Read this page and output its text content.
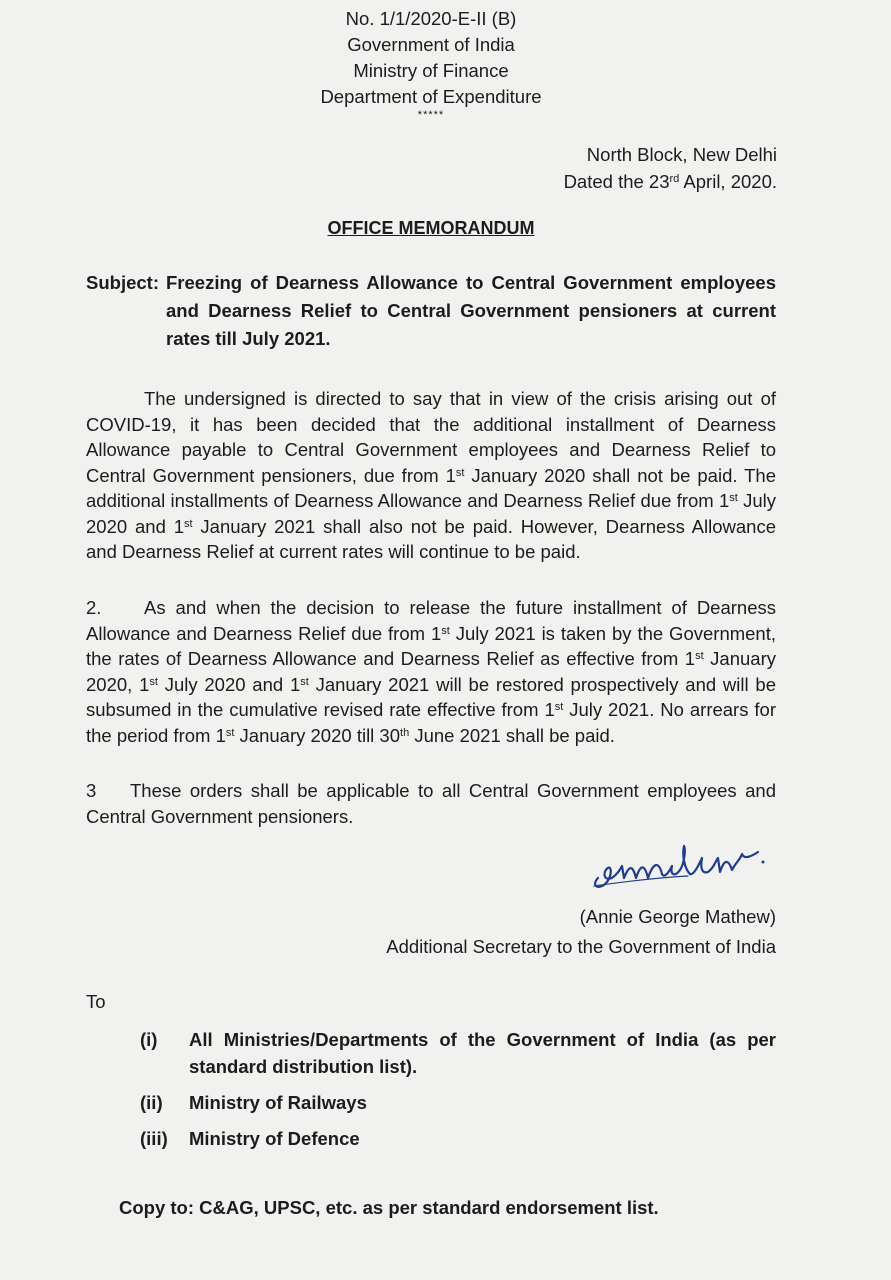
No. 1/1/2020-E-II (B)
Government of India
Ministry of Finance
Department of Expenditure
*****
North Block, New Delhi
Dated the 23rd April, 2020.
OFFICE MEMORANDUM
Subject: Freezing of Dearness Allowance to Central Government employees and Dearness Relief to Central Government pensioners at current rates till July 2021.
The undersigned is directed to say that in view of the crisis arising out of COVID-19, it has been decided that the additional installment of Dearness Allowance payable to Central Government employees and Dearness Relief to Central Government pensioners, due from 1st January 2020 shall not be paid. The additional installments of Dearness Allowance and Dearness Relief due from 1st July 2020 and 1st January 2021 shall also not be paid. However, Dearness Allowance and Dearness Relief at current rates will continue to be paid.
2. As and when the decision to release the future installment of Dearness Allowance and Dearness Relief due from 1st July 2021 is taken by the Government, the rates of Dearness Allowance and Dearness Relief as effective from 1st January 2020, 1st July 2020 and 1st January 2021 will be restored prospectively and will be subsumed in the cumulative revised rate effective from 1st July 2021. No arrears for the period from 1st January 2020 till 30th June 2021 shall be paid.
3 These orders shall be applicable to all Central Government employees and Central Government pensioners.
(Annie George Mathew)
Additional Secretary to the Government of India
To
(i) All Ministries/Departments of the Government of India (as per standard distribution list).
(ii) Ministry of Railways
(iii) Ministry of Defence
Copy to: C&AG, UPSC, etc. as per standard endorsement list.
